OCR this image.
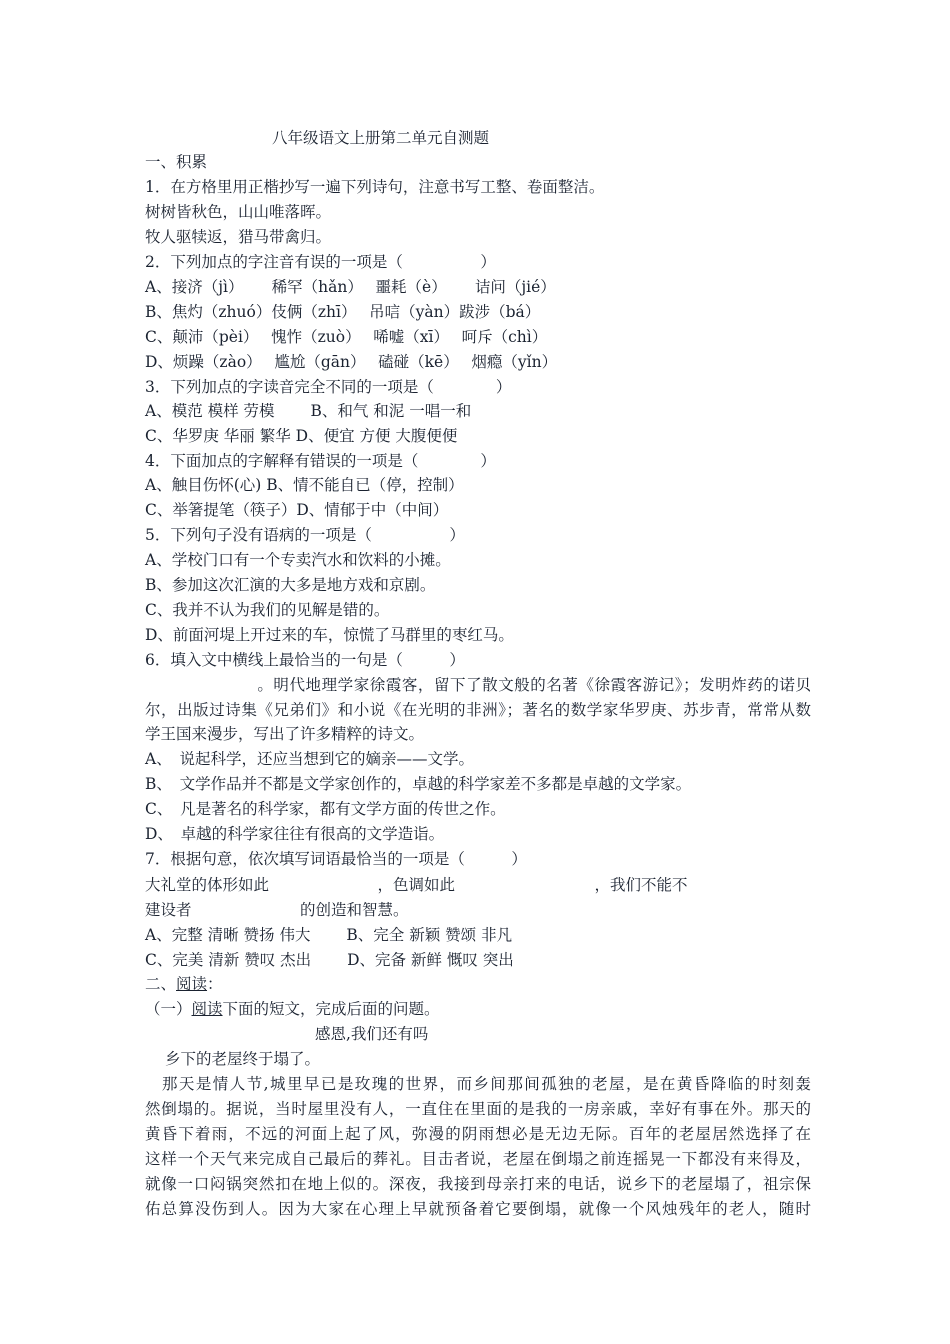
八年级语文上册第二单元自测题
一、积累
1．在方格里用正楷抄写一遍下列诗句，注意书写工整、卷面整洁。
树树皆秋色，山山唯落晖。
牧人驱犊返，猎马带禽归。
2．下列加点的字注音有误的一项是（　　　　　）
A、接济（jì）　　 稀罕（hǎn）　 噩耗（è）　　 诘问（jié）
B、焦灼（zhuó）伎俩（zhī）　 吊唁（yàn）跋涉（bá）
C、颠沛（pèi）　 愧怍（zuò）　 唏嘘（xī）　 呵斥（chì）
D、烦躁（zào）　 尴尬（gān）　 磕碰（kē）　 烟瘾（yǐn）
3．下列加点的字读音完全不同的一项是（　　　　）
A、模范 模样 劳模　　 B、和气 和泥 一唱一和
C、华罗庚 华丽 繁华 D、便宜 方便 大腹便便
4．下面加点的字解释有错误的一项是（　　　　）
A、触目伤怀(心) B、情不能自已（停，控制）
C、举箸提笔（筷子）D、情郁于中（中间）
5．下列句子没有语病的一项是（　　　　　）
A、学校门口有一个专卖汽水和饮料的小摊。
B、参加这次汇演的大多是地方戏和京剧。
C、我并不认为我们的见解是错的。
D、前面河堤上开过来的车，惊慌了马群里的枣红马。
6．填入文中横线上最恰当的一句是（　　　）
　　　　　　　。明代地理学家徐霞客，留下了散文般的名著《徐霞客游记》；发明炸药的诺贝
尔，出版过诗集《兄弟们》和小说《在光明的非洲》；著名的数学家华罗庚、苏步青，常常从数
学王国来漫步，写出了许多精粹的诗文。
A、　说起科学，还应当想到它的嫡亲——文学。
B、　文学作品并不都是文学家创作的，卓越的科学家差不多都是卓越的文学家。
C、　凡是著名的科学家，都有文学方面的传世之作。
D、　卓越的科学家往往有很高的文学造诣。
7．根据句意，依次填写词语最恰当的一项是（　　　）
大礼堂的体形如此　　　　　　　，色调如此　　　　　　　　　，我们不能不
建设者　　　　　　　的创造和智慧。
A、完整 清晰 赞扬 伟大　　 B、完全 新颖 赞颂 非凡
C、完美 清新 赞叹 杰出　　 D、完备 新鲜 慨叹 突出
二、阅读：
（一）阅读下面的短文，完成后面的问题。
感恩,我们还有吗
乡下的老屋终于塌了。
　那天是情人节,城里早已是玫瑰的世界，而乡间那间孤独的老屋，是在黄昏降临的时刻轰
然倒塌的。据说，当时屋里没有人，一直住在里面的是我的一房亲戚，幸好有事在外。那天的
黄昏下着雨，不远的河面上起了风，弥漫的阴雨想必是无边无际。百年的老屋居然选择了在
这样一个天气来完成自己最后的葬礼。目击者说，老屋在倒塌之前连摇晃一下都没有来得及，
就像一口闷锅突然扣在地上似的。深夜，我接到母亲打来的电话，说乡下的老屋塌了，祖宗保
佑总算没伤到人。因为大家在心理上早就预备着它要倒塌，就像一个风烛残年的老人，随时
